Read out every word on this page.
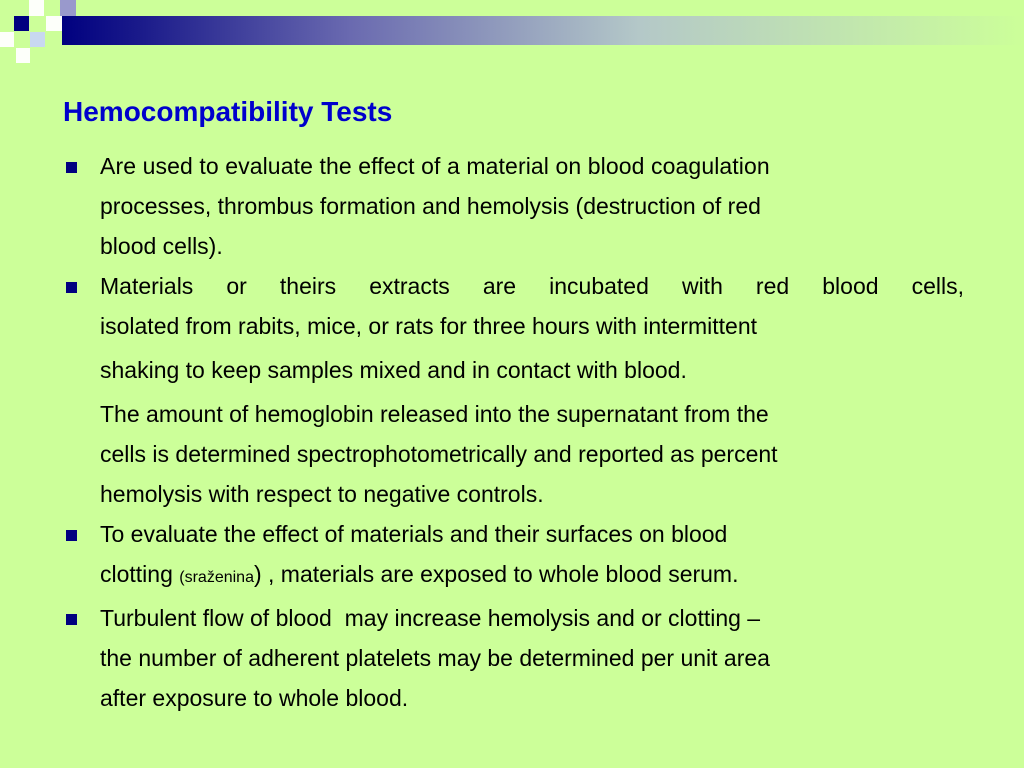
Hemocompatibility Tests
Are used to evaluate the effect of a material on blood coagulation
processes, thrombus formation and hemolysis (destruction of red
blood cells).
Materials or theirs extracts are incubated with red blood cells,
isolated from rabits, mice, or rats for three hours with intermittent
shaking to keep samples mixed and in contact with blood.
The amount of hemoglobin released into the supernatant from the
cells is determined spectrophotometrically and reported as percent
hemolysis with respect to negative controls.
To evaluate the effect of materials and their surfaces on blood
clotting (sraženina) , materials are exposed to whole blood serum.
Turbulent flow of blood  may increase hemolysis and or clotting –
the number of adherent platelets may be determined per unit area
after exposure to whole blood.
